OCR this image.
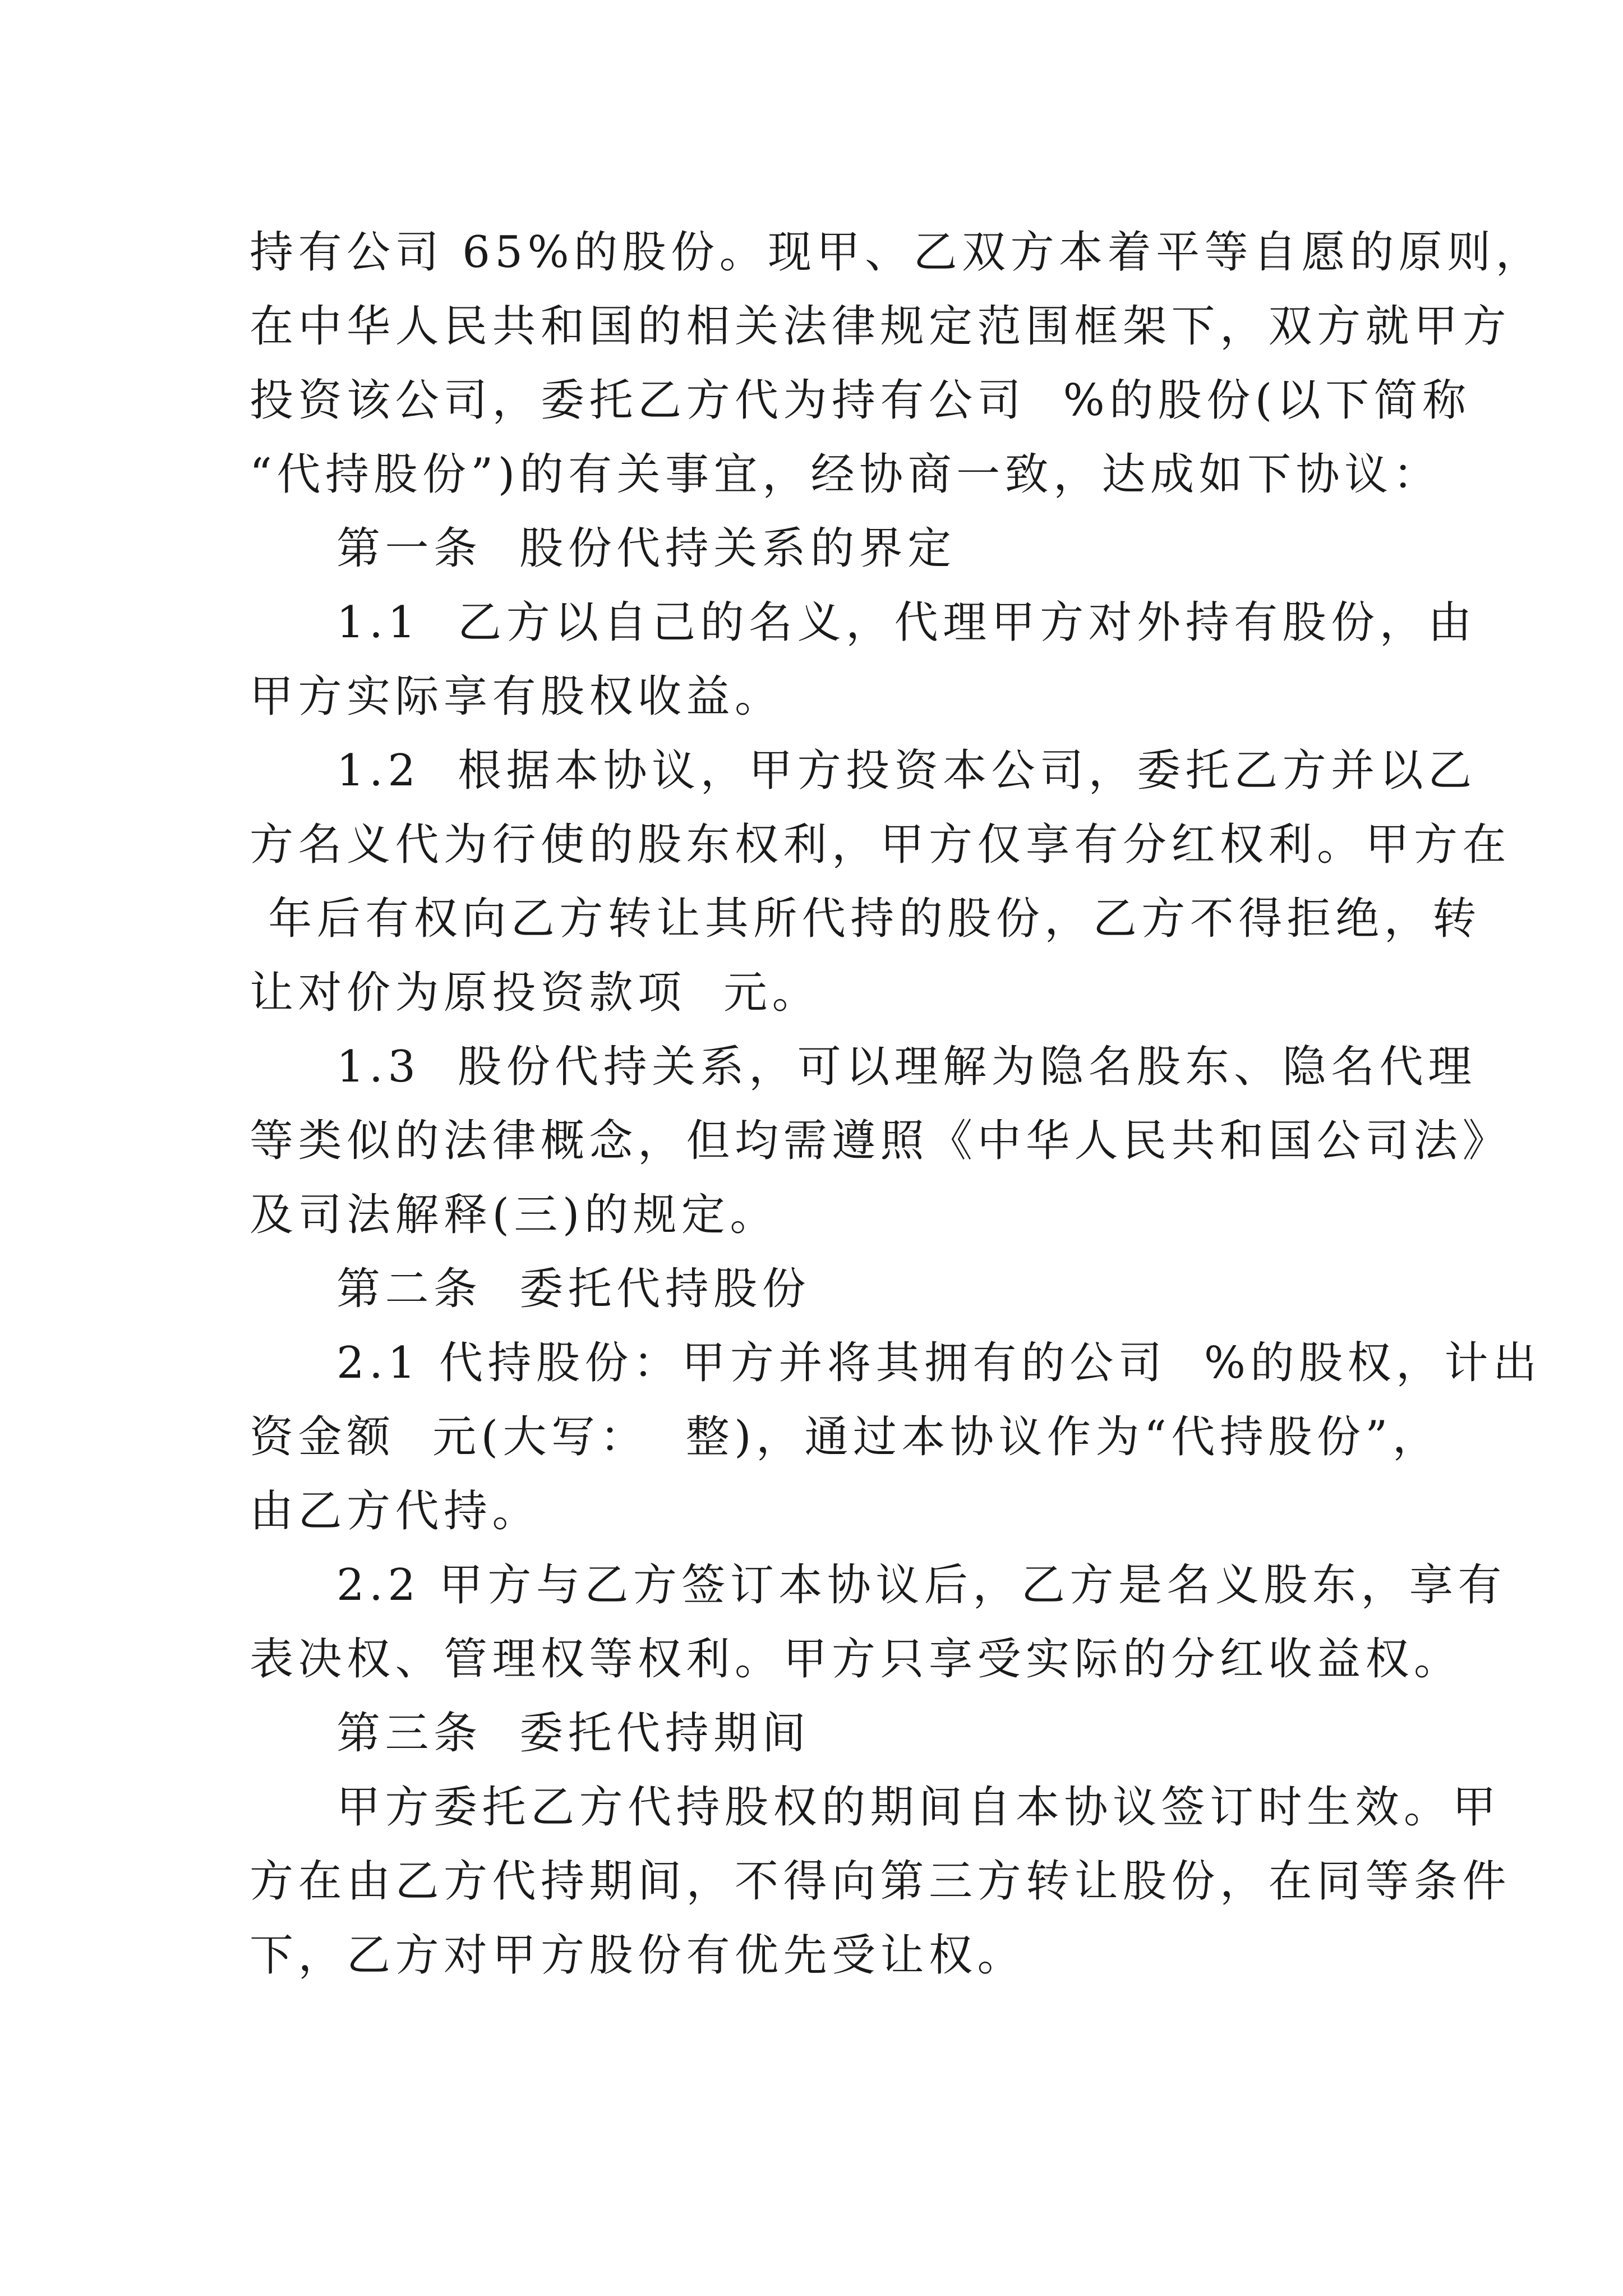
持有公司 65%的股份。现甲、乙双方本着平等自愿的原则，
在中华人民共和国的相关法律规定范围框架下，双方就甲方
投资该公司，委托乙方代为持有公司  %的股份(以下简称
“代持股份”)的有关事宜，经协商一致，达成如下协议：
第一条  股份代持关系的界定
1.1  乙方以自己的名义，代理甲方对外持有股份，由
甲方实际享有股权收益。
1.2  根据本协议，甲方投资本公司，委托乙方并以乙
方名义代为行使的股东权利，甲方仅享有分红权利。甲方在
年后有权向乙方转让其所代持的股份，乙方不得拒绝，转
让对价为原投资款项  元。
1.3  股份代持关系，可以理解为隐名股东、隐名代理
等类似的法律概念，但均需遵照《中华人民共和国公司法》
及司法解释(三)的规定。
第二条  委托代持股份
2.1 代持股份：甲方并将其拥有的公司  %的股权，计出
资金额  元(大写：  整)，通过本协议作为“代持股份”，
由乙方代持。
2.2 甲方与乙方签订本协议后，乙方是名义股东，享有
表决权、管理权等权利。甲方只享受实际的分红收益权。
第三条  委托代持期间
甲方委托乙方代持股权的期间自本协议签订时生效。甲
方在由乙方代持期间，不得向第三方转让股份，在同等条件
下，乙方对甲方股份有优先受让权。
